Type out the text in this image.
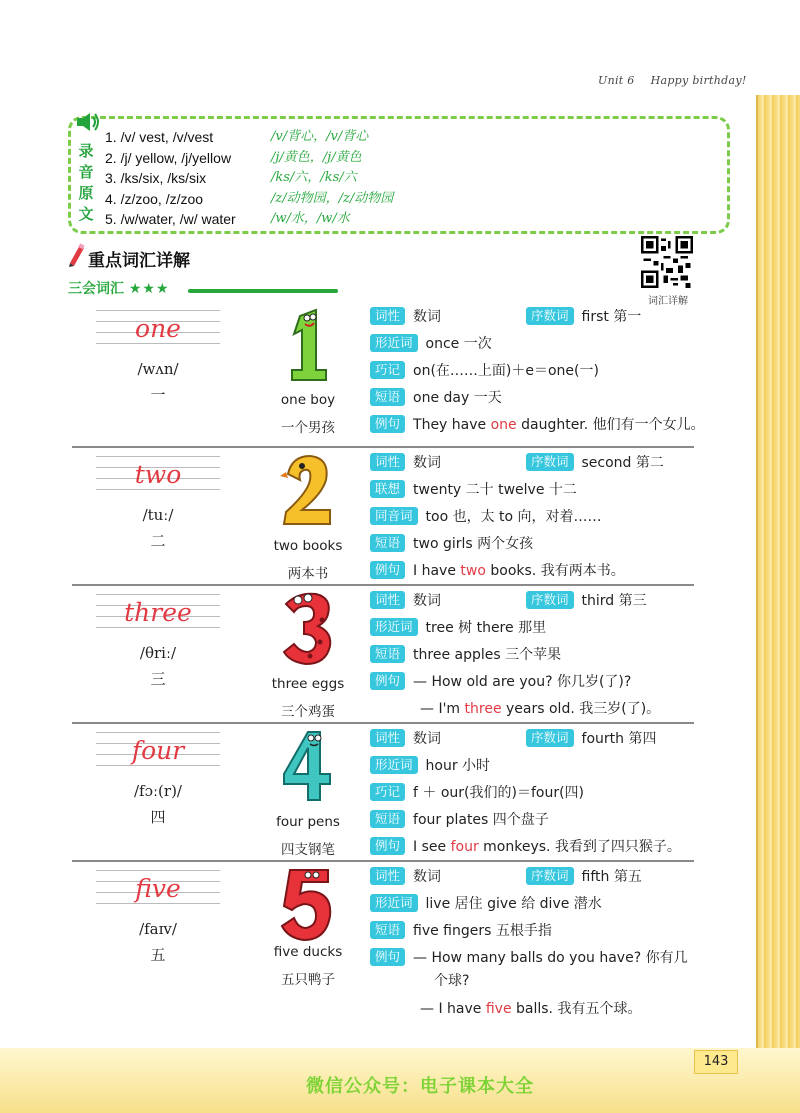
Unit 6 Happy birthday!
录
音
原
文
1. /v/ vest, /v/vest	/v/背心，/v/背心
2. /j/ yellow, /j/yellow	/j/黄色，/j/黄色
3. /ks/six, /ks/six	/ks/六，/ks/六
4. /z/zoo, /z/zoo	/z/动物园，/z/动物园
5. /w/water, /w/ water	/w/水，/w/水
重点词汇详解
三会词汇 ★★★
词汇详解
one
/wʌn/
一	one boy
一个男孩
词性 数词	序数词 first 第一
形近词 once 一次
巧记 on(在……上面)＋e＝one(一)
短语 one day 一天
例句 They have one daughter. 他们有一个女儿。
two
/tuː/
二	two books
两本书
词性 数词	序数词 second 第二
联想 twenty 二十 twelve 十二
同音词 too 也，太 to 向，对着……
短语 two girls 两个女孩
例句 I have two books. 我有两本书。
three
/θriː/
三	three eggs
三个鸡蛋
词性 数词	序数词 third 第三
形近词 tree 树 there 那里
短语 three apples 三个苹果
例句 — How old are you? 你几岁(了)?
— I'm three years old. 我三岁(了)。
four
/fɔː(r)/
四	four pens
四支钢笔
词性 数词	序数词 fourth 第四
形近词 hour 小时
巧记 f ＋ our(我们的)＝four(四)
短语 four plates 四个盘子
例句 I see four monkeys. 我看到了四只猴子。
five
/faɪv/
五	five ducks
五只鸭子
词性 数词	序数词 fifth 第五
形近词 live 居住 give 给 dive 潜水
短语 five fingers 五根手指
例句 — How many balls do you have? 你有几
个球?
— I have five balls. 我有五个球。
143
微信公众号：电子课本大全
